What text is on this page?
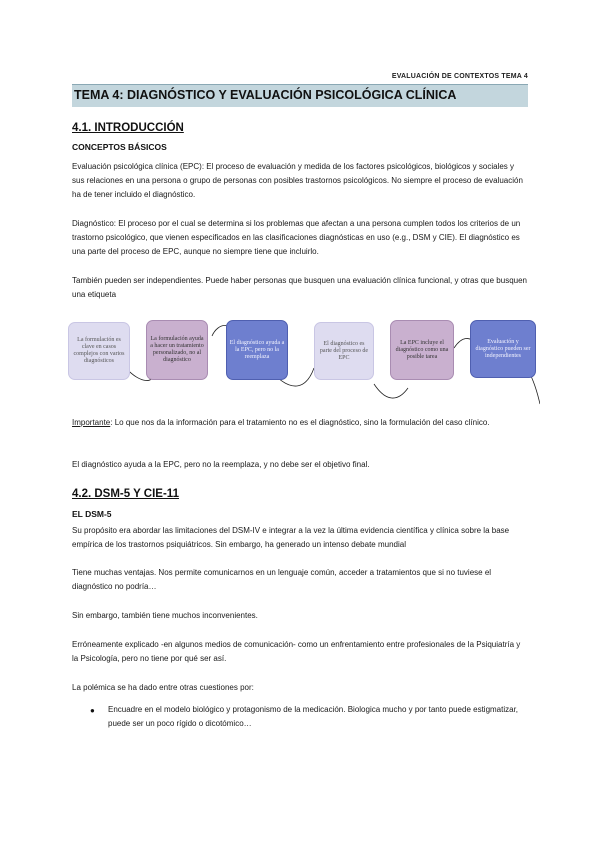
EVALUACIÓN DE CONTEXTOS TEMA 4
TEMA 4: DIAGNÓSTICO Y EVALUACIÓN PSICOLÓGICA CLÍNICA
4.1. INTRODUCCIÓN
CONCEPTOS BÁSICOS
Evaluación psicológica clínica (EPC): El proceso de evaluación y medida de los factores psicológicos, biológicos y sociales y sus relaciones en una persona o grupo de personas con posibles trastornos psicológicos. No siempre el proceso de evaluación ha de tener incluido el diagnóstico.
Diagnóstico: El proceso por el cual se determina si los problemas que afectan a una persona cumplen todos los criterios de un trastorno psicológico, que vienen especificados en las clasificaciones diagnósticas en uso (e.g., DSM y CIE). El diagnóstico es una parte del proceso de EPC, aunque no siempre tiene que incluirlo.
También pueden ser independientes. Puede haber personas que busquen una evaluación clínica funcional, y otras que busquen una etiqueta
La formulación es clave en casos complejos con varios diagnósticos
La formulación ayuda a hacer un tratamiento personalizado, no al diagnóstico
El diagnóstico ayuda a la EPC, pero no la reemplaza
El diagnóstico es parte del proceso de EPC
La EPC incluye el diagnóstico como una posible tarea
Evaluación y diagnóstico pueden ser independientes
Importante: Lo que nos da la información para el tratamiento no es el diagnóstico, sino la formulación del caso clínico.
El diagnóstico ayuda a la EPC, pero no la reemplaza, y no debe ser el objetivo final.
4.2. DSM-5 Y CIE-11
EL DSM-5
Su propósito era abordar las limitaciones del DSM-IV e integrar a la vez la última evidencia científica y clínica sobre la base empírica de los trastornos psiquiátricos. Sin embargo, ha generado un intenso debate mundial
Tiene muchas ventajas. Nos permite comunicarnos en un lenguaje común, acceder a tratamientos que si no tuviese el diagnóstico no podría…
Sin embargo, también tiene muchos inconvenientes.
Erróneamente explicado -en algunos medios de comunicación- como un enfrentamiento entre profesionales de la Psiquiatría y la Psicología, pero no tiene por qué ser así.
La polémica se ha dado entre otras cuestiones por:
● Encuadre en el modelo biológico y protagonismo de la medicación. Biologica mucho y por tanto puede estigmatizar, puede ser un poco rígido o dicotómico…
